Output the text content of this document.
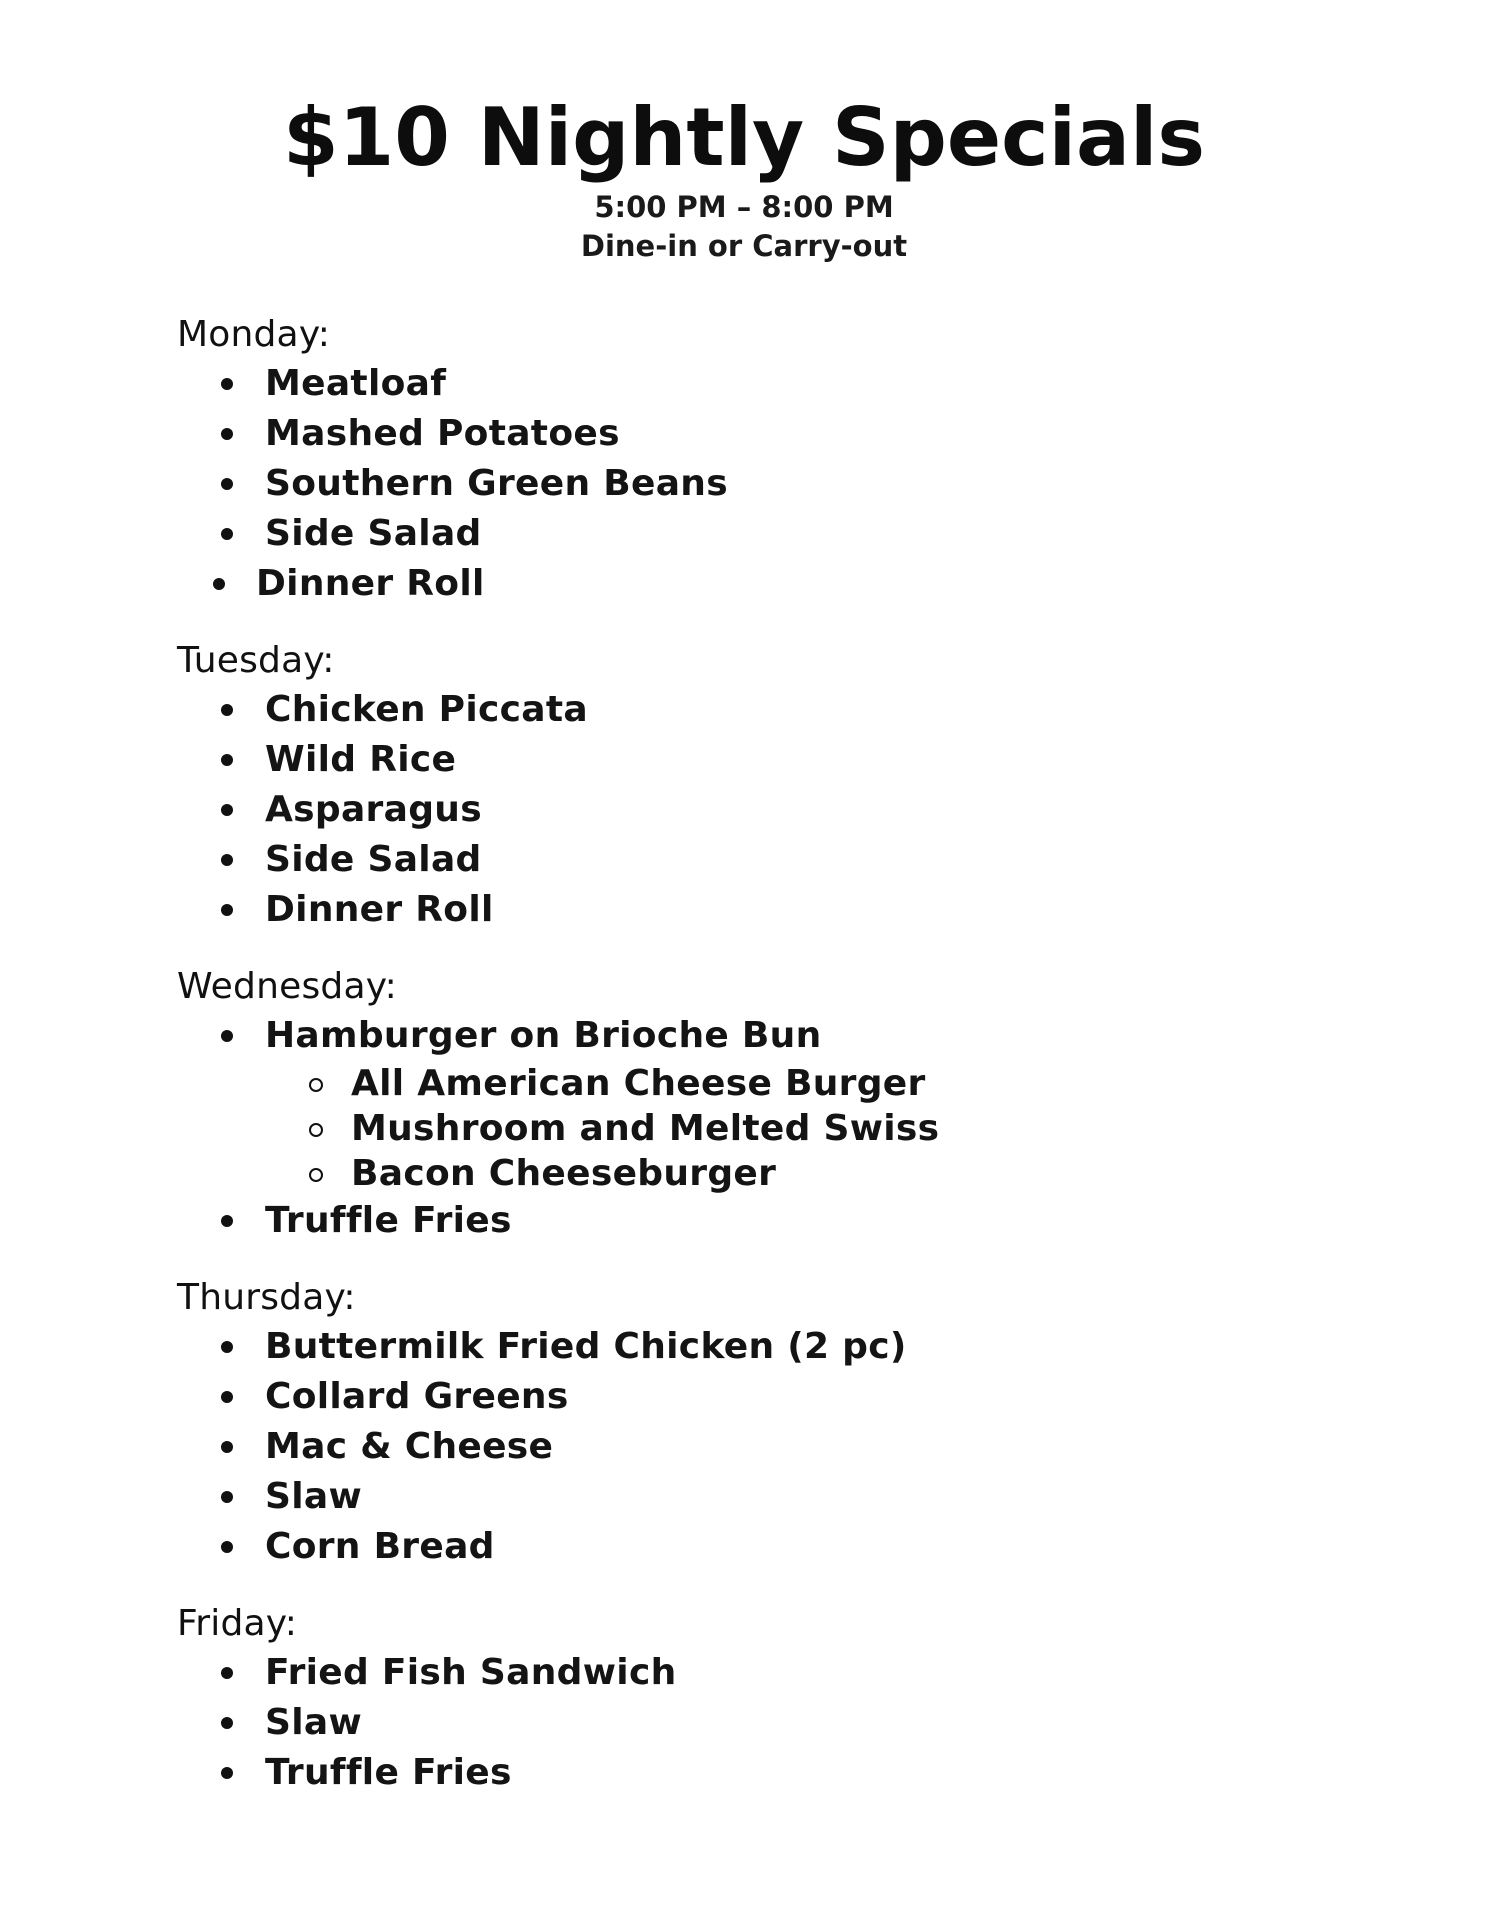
$10 Nightly Specials

5:00 PM – 8:00 PM

Dine-in or Carry-out

Monday:

Meatloaf
Mashed Potatoes
Southern Green Beans
Side Salad
Dinner Roll

Tuesday:

Chicken Piccata
Wild Rice
Asparagus
Side Salad
Dinner Roll

Wednesday:

Hamburger on Brioche Bun
All American Cheese Burger
Mushroom and Melted Swiss
Bacon Cheeseburger
Truffle Fries

Thursday:

Buttermilk Fried Chicken (2 pc)
Collard Greens
Mac & Cheese
Slaw
Corn Bread

Friday:

Fried Fish Sandwich
Slaw
Truffle Fries
